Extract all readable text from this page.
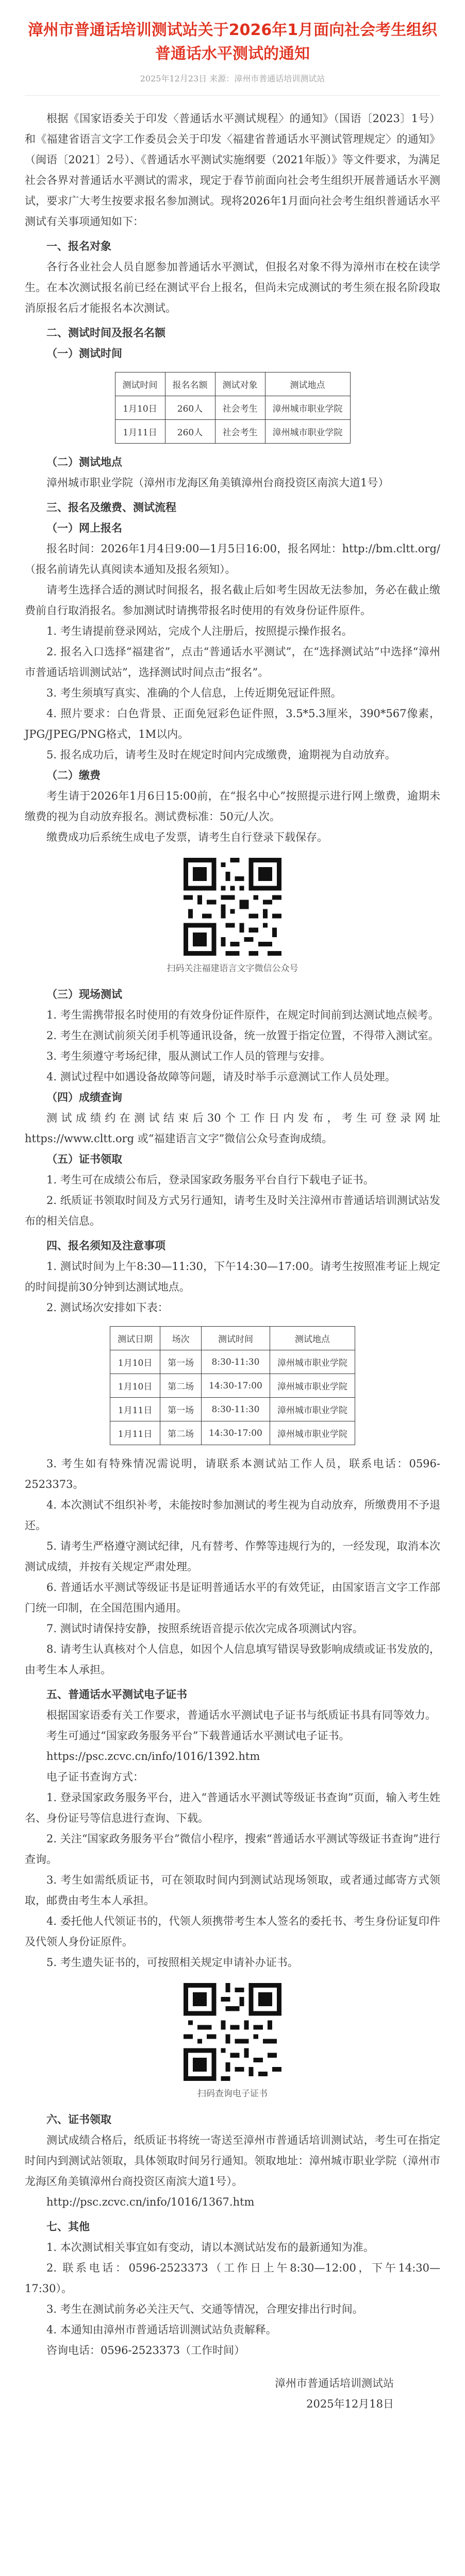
漳州市普通话培训测试站关于2026年1月面向社会考生组织普通话水平测试的通知
2025年12月23日 来源：漳州市普通话培训测试站

根据《国家语委关于印发〈普通话水平测试规程〉的通知》（国语〔2023〕1号）和《福建省语言文字工作委员会关于印发〈福建省普通话水平测试管理规定〉的通知》（闽语〔2021〕2号）、《普通话水平测试实施纲要（2021年版）》等文件要求，为满足社会各界对普通话水平测试的需求，现定于春节前面向社会考生组织开展普通话水平测试，要求广大考生按要求报名参加测试。现将2026年1月面向社会考生组织普通话水平测试有关事项通知如下：

一、报名对象

各行各业社会人员自愿参加普通话水平测试，但报名对象不得为漳州市在校在读学生。在本次测试报名前已经在测试平台上报名，但尚未完成测试的考生须在报名阶段取消原报名后才能报名本次测试。

二、测试时间及报名名额

（一）测试时间

测试时间	报名名额	测试对象	测试地点
1月10日	260人	社会考生	漳州城市职业学院
1月11日	260人	社会考生	漳州城市职业学院

（二）测试地点

漳州城市职业学院（漳州市龙海区角美镇漳州台商投资区南滨大道1号）

三、报名及缴费、测试流程

（一）网上报名

报名时间：2026年1月4日9:00—1月5日16:00，报名网址：http://bm.cltt.org/（报名前请先认真阅读本通知及报名须知）。

请考生选择合适的测试时间报名，报名截止后如考生因故无法参加，务必在截止缴费前自行取消报名。参加测试时请携带报名时使用的有效身份证件原件。

1. 考生请提前登录网站，完成个人注册后，按照提示操作报名。

2. 报名入口选择“福建省”，点击“普通话水平测试”，在“选择测试站”中选择“漳州市普通话培训测试站”，选择测试时间点击“报名”。

3. 考生须填写真实、准确的个人信息，上传近期免冠证件照。

4. 照片要求：白色背景、正面免冠彩色证件照，3.5*5.3厘米，390*567像素，JPG/JPEG/PNG格式，1M以内。

5. 报名成功后，请考生及时在规定时间内完成缴费，逾期视为自动放弃。

（二）缴费

考生请于2026年1月6日15:00前，在“报名中心”按照提示进行网上缴费，逾期未缴费的视为自动放弃报名。测试费标准：50元/人次。

缴费成功后系统生成电子发票，请考生自行登录下载保存。

扫码关注福建语言文字微信公众号

（三）现场测试

1. 考生需携带报名时使用的有效身份证件原件，在规定时间前到达测试地点候考。

2. 考生在测试前须关闭手机等通讯设备，统一放置于指定位置，不得带入测试室。

3. 考生须遵守考场纪律，服从测试工作人员的管理与安排。

4. 测试过程中如遇设备故障等问题，请及时举手示意测试工作人员处理。

（四）成绩查询

测试成绩约在测试结束后30个工作日内发布，考生可登录网址 https://www.cltt.org 或“福建语言文字”微信公众号查询成绩。

（五）证书领取

1. 考生可在成绩公布后，登录国家政务服务平台自行下载电子证书。

2. 纸质证书领取时间及方式另行通知，请考生及时关注漳州市普通话培训测试站发布的相关信息。

四、报名须知及注意事项

1. 测试时间为上午8:30—11:30，下午14:30—17:00。请考生按照准考证上规定的时间提前30分钟到达测试地点。

2. 测试场次安排如下表：

测试日期	场次	测试时间	测试地点
1月10日	第一场	8:30-11:30	漳州城市职业学院
1月10日	第二场	14:30-17:00	漳州城市职业学院
1月11日	第一场	8:30-11:30	漳州城市职业学院
1月11日	第二场	14:30-17:00	漳州城市职业学院

3. 考生如有特殊情况需说明，请联系本测试站工作人员，联系电话：0596-2523373。

4. 本次测试不组织补考，未能按时参加测试的考生视为自动放弃，所缴费用不予退还。

5. 请考生严格遵守测试纪律，凡有替考、作弊等违规行为的，一经发现，取消本次测试成绩，并按有关规定严肃处理。

6. 普通话水平测试等级证书是证明普通话水平的有效凭证，由国家语言文字工作部门统一印制，在全国范围内通用。

7. 测试时请保持安静，按照系统语音提示依次完成各项测试内容。

8. 请考生认真核对个人信息，如因个人信息填写错误导致影响成绩或证书发放的，由考生本人承担。

五、普通话水平测试电子证书

根据国家语委有关工作要求，普通话水平测试电子证书与纸质证书具有同等效力。

考生可通过“国家政务服务平台”下载普通话水平测试电子证书。

https://psc.zcvc.cn/info/1016/1392.htm

电子证书查询方式：

1. 登录国家政务服务平台，进入“普通话水平测试等级证书查询”页面，输入考生姓名、身份证号等信息进行查询、下载。

2. 关注“国家政务服务平台”微信小程序，搜索“普通话水平测试等级证书查询”进行查询。

3. 考生如需纸质证书，可在领取时间内到测试站现场领取，或者通过邮寄方式领取，邮费由考生本人承担。

4. 委托他人代领证书的，代领人须携带考生本人签名的委托书、考生身份证复印件及代领人身份证原件。

5. 考生遗失证书的，可按照相关规定申请补办证书。

扫码查询电子证书

六、证书领取

测试成绩合格后，纸质证书将统一寄送至漳州市普通话培训测试站，考生可在指定时间内到测试站领取，具体领取时间另行通知。领取地址：漳州城市职业学院（漳州市龙海区角美镇漳州台商投资区南滨大道1号）。

http://psc.zcvc.cn/info/1016/1367.htm

七、其他

1. 本次测试相关事宜如有变动，请以本测试站发布的最新通知为准。

2. 联系电话：0596-2523373（工作日上午8:30—12:00，下午14:30—17:30）。

3. 考生在测试前务必关注天气、交通等情况，合理安排出行时间。

4. 本通知由漳州市普通话培训测试站负责解释。

咨询电话：0596-2523373（工作时间）

漳州市普通话培训测试站

2025年12月18日
